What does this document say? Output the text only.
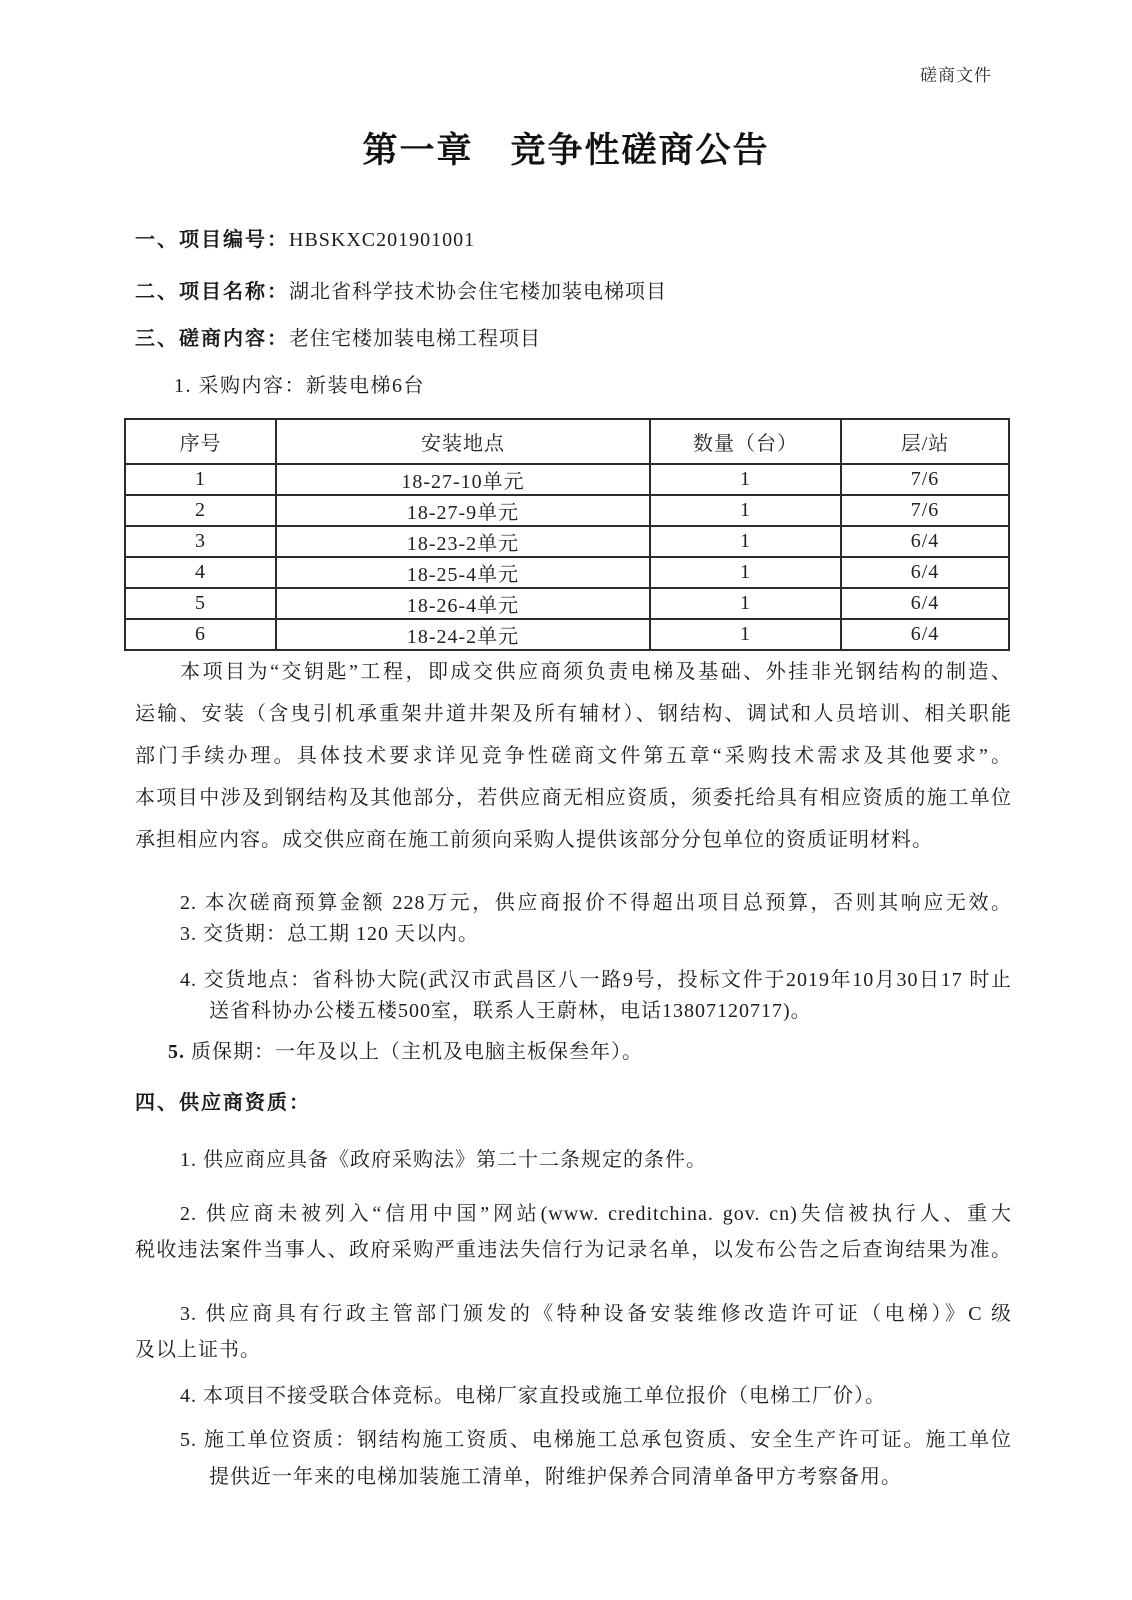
磋商文件
第一章　竞争性磋商公告
一、项目编号：HBSKXC201901001
二、项目名称：湖北省科学技术协会住宅楼加装电梯项目
三、磋商内容：老住宅楼加装电梯工程项目
1. 采购内容：新装电梯6台
序号	安装地点	数量（台）	层/站
1	18-27-10单元	1	7/6
2	18-27-9单元	1	7/6
3	18-23-2单元	1	6/4
4	18-25-4单元	1	6/4
5	18-26-4单元	1	6/4
6	18-24-2单元	1	6/4
本项目为“交钥匙”工程，即成交供应商须负责电梯及基础、外挂非光钢结构的制造、
运输、安装（含曳引机承重架井道井架及所有辅材）、钢结构、调试和人员培训、相关职能
部门手续办理。具体技术要求详见竞争性磋商文件第五章“采购技术需求及其他要求”。
本项目中涉及到钢结构及其他部分，若供应商无相应资质，须委托给具有相应资质的施工单位
承担相应内容。成交供应商在施工前须向采购人提供该部分分包单位的资质证明材料。
2. 本次磋商预算金额 228万元，供应商报价不得超出项目总预算，否则其响应无效。
3. 交货期：总工期 120 天以内。
4. 交货地点：省科协大院(武汉市武昌区八一路9号，投标文件于2019年10月30日17 时止
送省科协办公楼五楼500室，联系人王蔚林，电话13807120717)。
5. 质保期：一年及以上（主机及电脑主板保叁年）。
四、供应商资质：
1. 供应商应具备《政府采购法》第二十二条规定的条件。
2. 供应商未被列入“信用中国”网站(www. creditchina. gov. cn)失信被执行人、重大
税收违法案件当事人、政府采购严重违法失信行为记录名单，以发布公告之后查询结果为准。
3. 供应商具有行政主管部门颁发的《特种设备安装维修改造许可证（电梯）》C 级
及以上证书。
4. 本项目不接受联合体竞标。电梯厂家直投或施工单位报价（电梯工厂价）。
5. 施工单位资质：钢结构施工资质、电梯施工总承包资质、安全生产许可证。施工单位
提供近一年来的电梯加装施工清单，附维护保养合同清单备甲方考察备用。
